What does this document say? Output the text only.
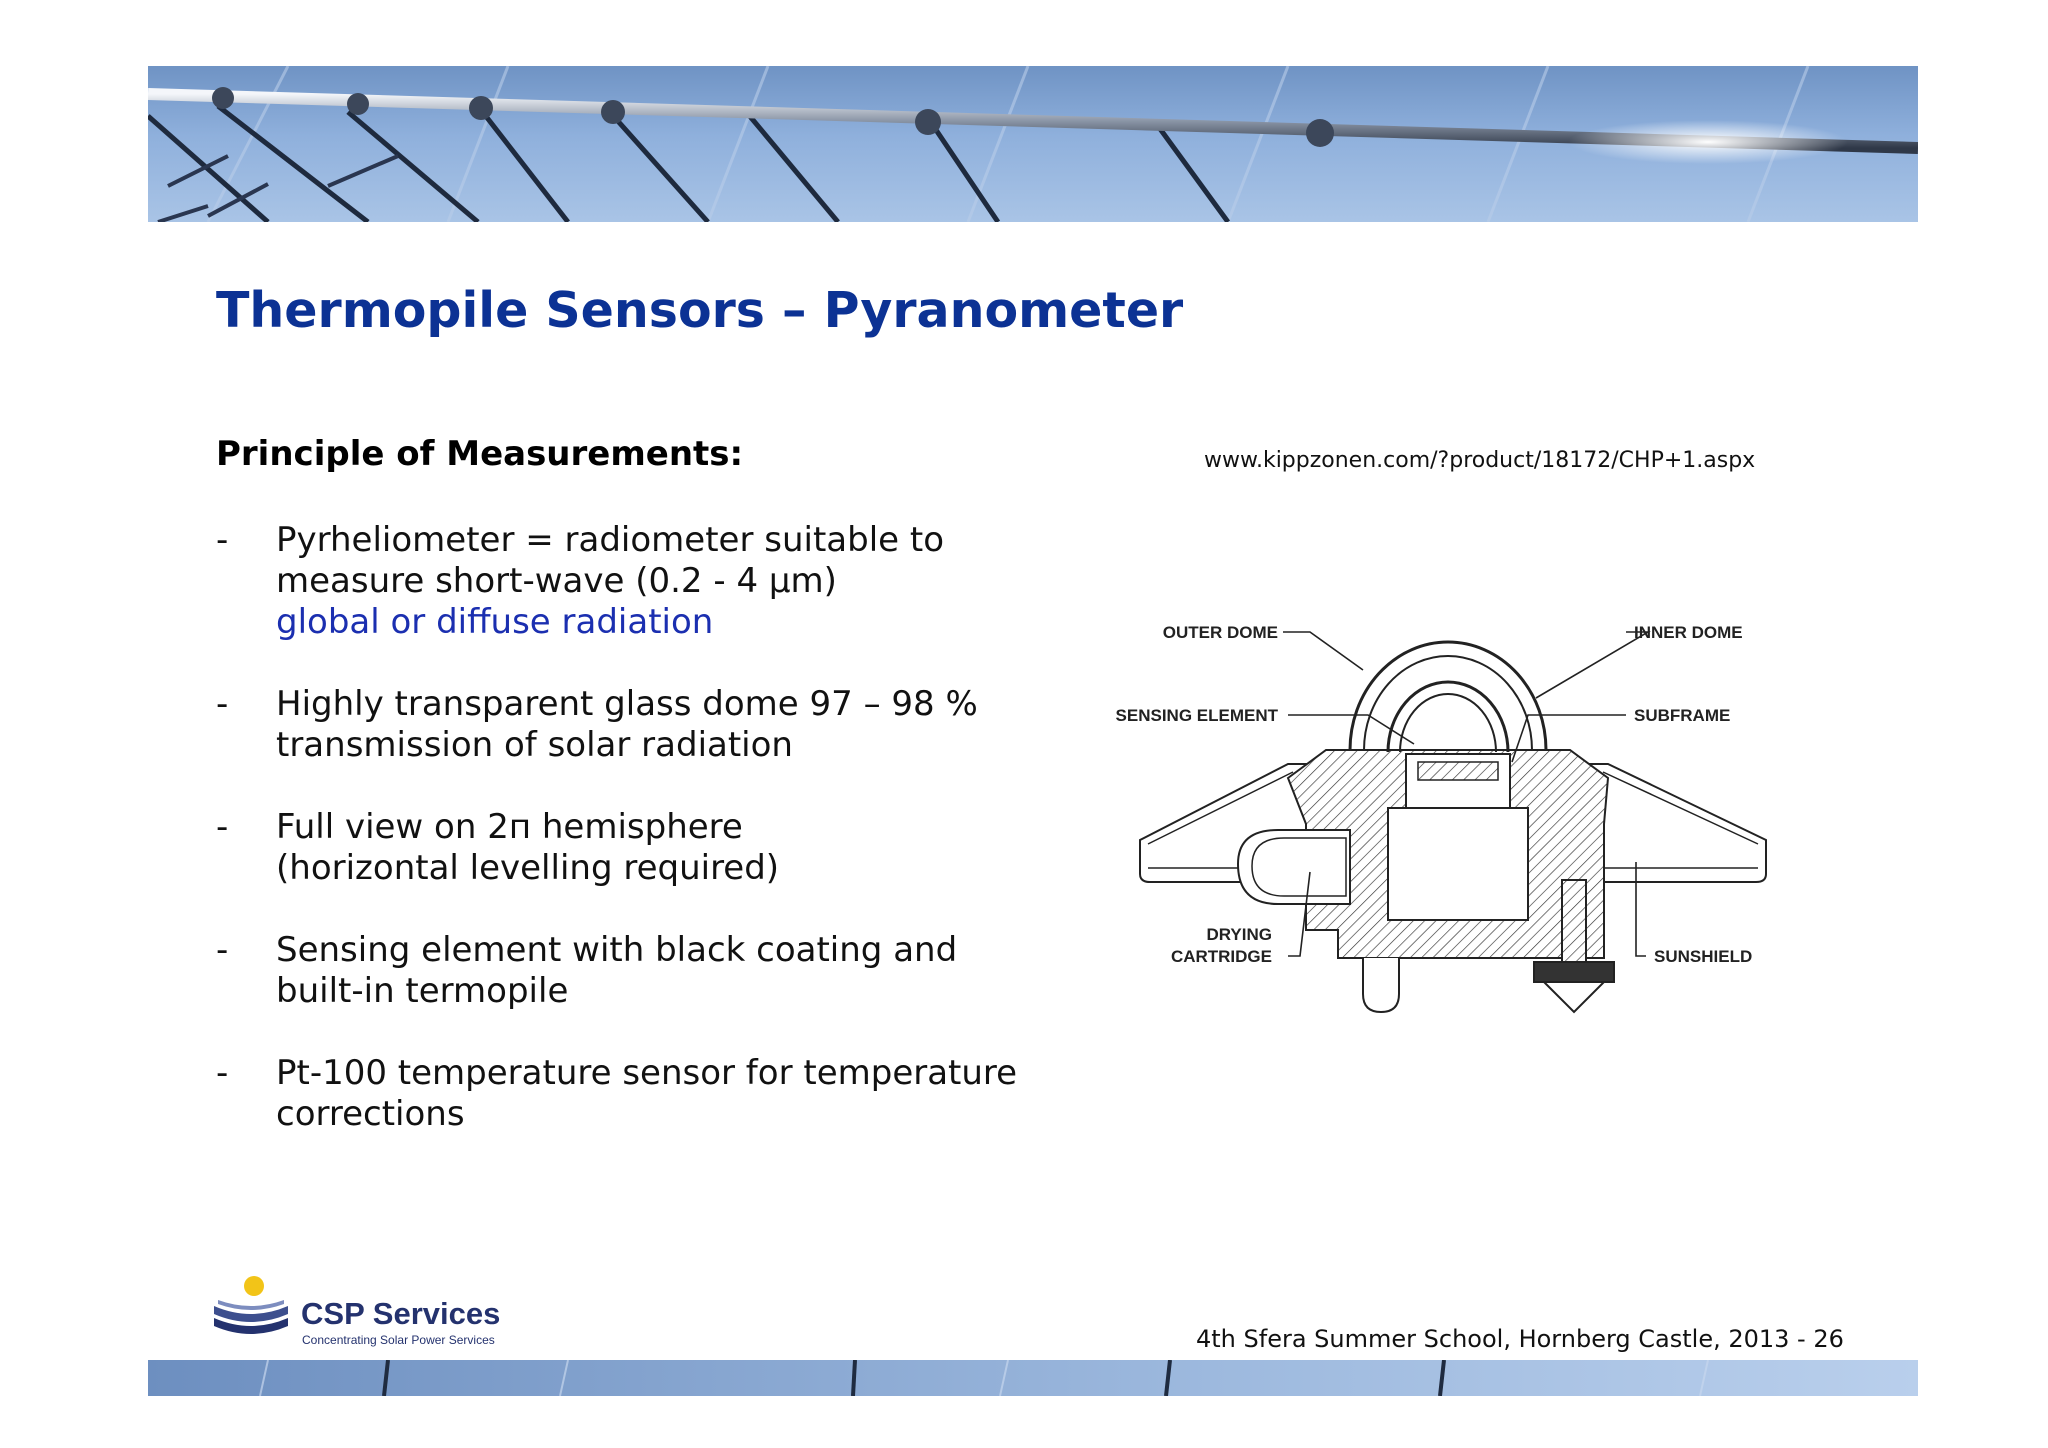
Thermopile Sensors – Pyranometer
Principle of Measurements:	www.kippzonen.com/?product/18172/CHP+1.aspx
- Pyrheliometer = radiometer suitable to
measure short-wave (0.2 - 4 µm)
global or diffuse radiation
- Highly transparent glass dome 97 – 98 %
transmission of solar radiation
- Full view on 2п hemisphere
(horizontal levelling required)
- Sensing element with black coating and
built-in termopile
- Pt-100 temperature sensor for temperature
corrections
OUTER DOME	INNER DOME
SENSING ELEMENT	SUBFRAME
DRYING
CARTRIDGE	SUNSHIELD
CSP Services
Concentrating Solar Power Services	4th Sfera Summer School, Hornberg Castle, 2013 - 26
